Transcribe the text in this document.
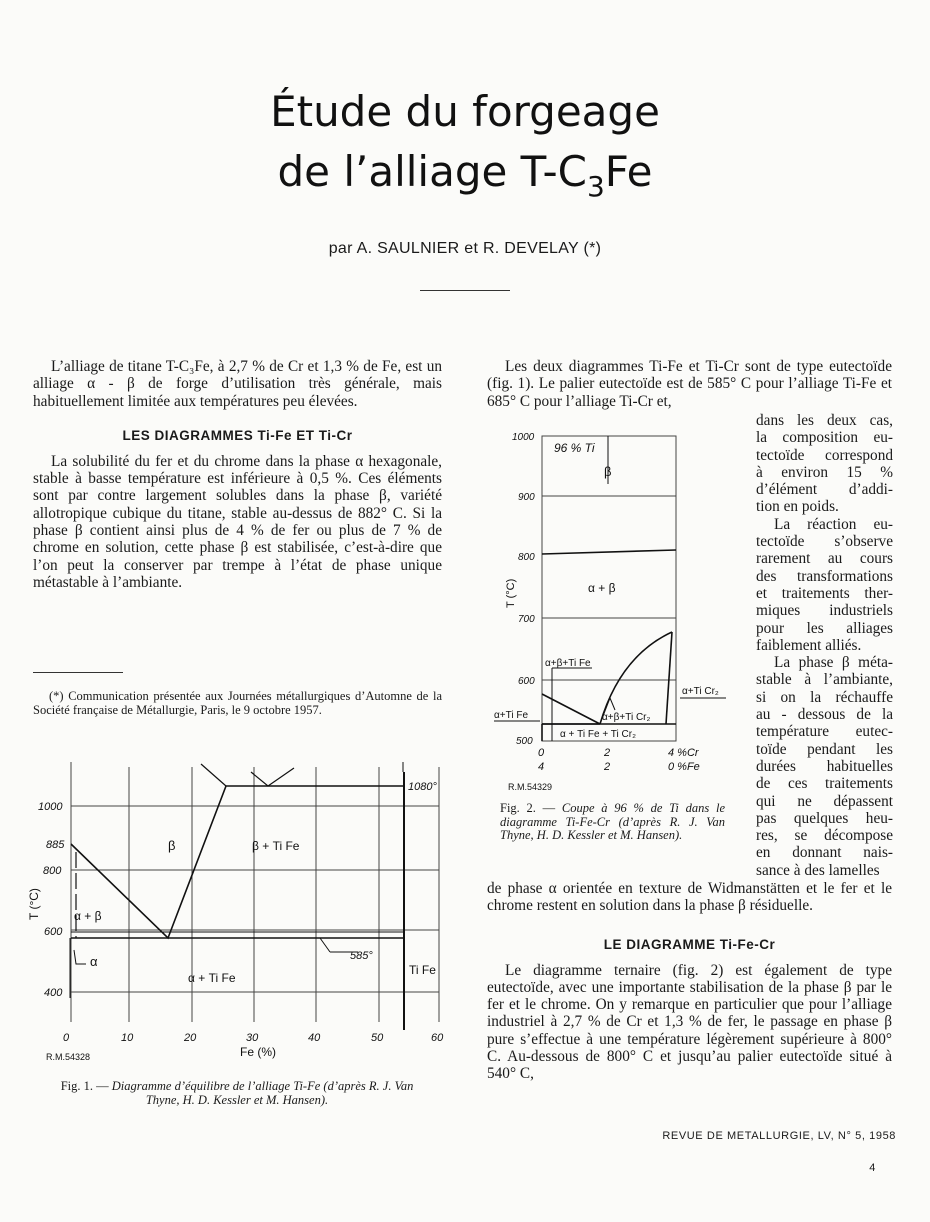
Étude du forgeage
de l’alliage $T-C_3Fe$
par A. SAULNIER et R. DEVELAY (*)

L’alliage de titane T-C₃Fe, à 2,7 % de Cr et 1,3 % de Fe, est un alliage α - β de forge d’utilisation très générale, mais habituellement limitée aux températures peu élevées.

LES DIAGRAMMES Ti-Fe ET Ti-Cr

La solubilité du fer et du chrome dans la phase α hexagonale, stable à basse température est inférieure à 0,5 %. Ces éléments sont par contre largement solubles dans la phase β, variété allotropique cubique du titane, stable au-dessus de 882° C. Si la phase β contient ainsi plus de 4 % de fer ou plus de 7 % de chrome en solution, cette phase β est stabilisée, c’est-à-dire que l’on peut la conserver par trempe à l’état de phase unique métastable à l’ambiante.

(*) Communication présentée aux Journées métallurgiques d’Automne de la Société française de Métallurgie, Paris, le 9 octobre 1957.
β	β + Ti Fe
α + β
α
α + Ti Fe
Ti Fe
585°
1080°
1000
885
800
600
400
T (°C)
0	10	20	30	40	50	60
Fe (%)
R.M.54328
Fig. 1. — Diagramme d’équilibre de l’alliage Ti-Fe (d’après R. J. Van Thyne, H. D. Kessler et M. Hansen).

Les deux diagrammes Ti-Fe et Ti-Cr sont de type eutectoïde (fig. 1). Le palier eutectoïde est de 585° C pour l’alliage Ti-Fe et 685° C pour l’alliage Ti-Cr et,

96 % Ti
β
α + β
α+β+Ti Fe
α+β+Ti Cr₂
α+Ti Fe
α + Ti Fe + Ti Cr₂
α+Ti Cr₂
1000
900
800
700
600
500
T (°C)
0	2	4 %Cr
4	2	0 %Fe
R.M.54329
Fig. 2. — Coupe à 96 % de Ti dans le diagramme Ti-Fe-Cr (d’après R. J. Van Thyne, H. D. Kessler et M. Hansen).
dans les deux cas,
la composition eu-
tectoïde correspond
à environ 15 %
d’élément d’addi-
tion en poids.
La réaction eu-
tectoïde s’observe
rarement au cours
des transformations
et traitements ther-
miques industriels
pour les alliages
faiblement alliés.
La phase β méta-
stable à l’ambiante,
si on la réchauffe
au - dessous de la
température eutec-
toïde pendant les
durées habituelles
de ces traitements
qui ne dépassent
pas quelques heu-
res, se décompose
en donnant nais-
sance à des lamelles

de phase α orientée en texture de Widmanstätten et le fer et le chrome restent en solution dans la phase β résiduelle.

LE DIAGRAMME Ti-Fe-Cr

Le diagramme ternaire (fig. 2) est également de type eutectoïde, avec une importante stabilisation de la phase β par le fer et le chrome. On y remarque en particulier que pour l’alliage industriel à 2,7 % de Cr et 1,3 % de fer, le passage en phase β pure s’effectue à une température légèrement supérieure à 800° C. Au-dessous de 800° C et jusqu’au palier eutectoïde situé à 540° C,

REVUE DE METALLURGIE, LV, N° 5, 1958
4
